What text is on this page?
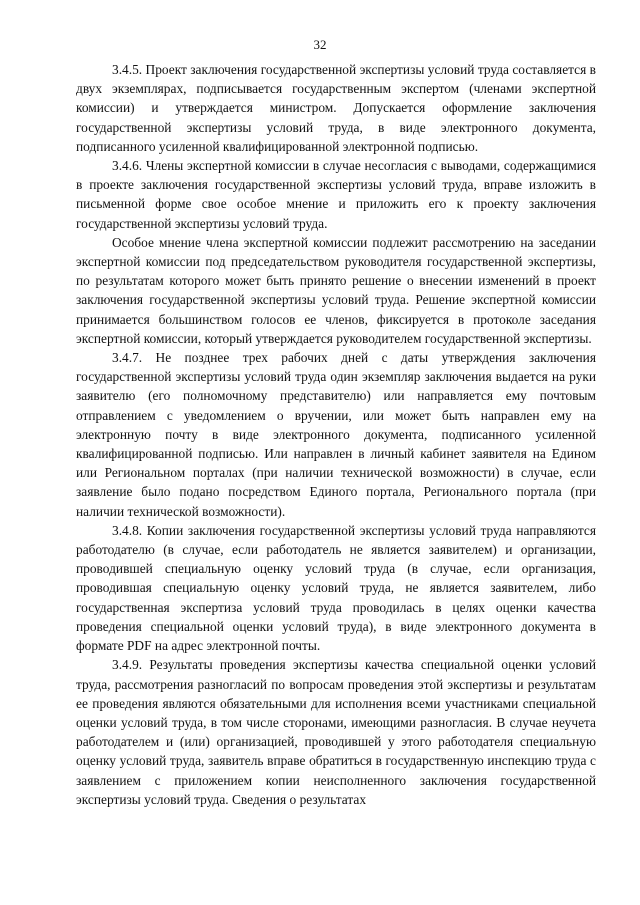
32

3.4.5. Проект заключения государственной экспертизы условий труда составляется в двух экземплярах, подписывается государственным экспертом (членами экспертной комиссии) и утверждается министром. Допускается оформление заключения государственной экспертизы условий труда, в виде электронного документа, подписанного усиленной квалифицированной электронной подписью.

3.4.6. Члены экспертной комиссии в случае несогласия с выводами, содержащимися в проекте заключения государственной экспертизы условий труда, вправе изложить в письменной форме свое особое мнение и приложить его к проекту заключения государственной экспертизы условий труда.

Особое мнение члена экспертной комиссии подлежит рассмотрению на заседании экспертной комиссии под председательством руководителя государственной экспертизы, по результатам которого может быть принято решение о внесении изменений в проект заключения государственной экспертизы условий труда. Решение экспертной комиссии принимается большинством голосов ее членов, фиксируется в протоколе заседания экспертной комиссии, который утверждается руководителем государственной экспертизы.

3.4.7. Не позднее трех рабочих дней с даты утверждения заключения государственной экспертизы условий труда один экземпляр заключения выдается на руки заявителю (его полномочному представителю) или направляется ему почтовым отправлением с уведомлением о вручении, или может быть направлен ему на электронную почту в виде электронного документа, подписанного усиленной квалифицированной подписью. Или направлен в личный кабинет заявителя на Едином или Региональном порталах (при наличии технической возможности) в случае, если заявление было подано посредством Единого портала, Регионального портала (при наличии технической возможности).

3.4.8. Копии заключения государственной экспертизы условий труда направляются работодателю (в случае, если работодатель не является заявителем) и организации, проводившей специальную оценку условий труда (в случае, если организация, проводившая специальную оценку условий труда, не является заявителем, либо государственная экспертиза условий труда проводилась в целях оценки качества проведения специальной оценки условий труда), в виде электронного документа в формате PDF на адрес электронной почты.

3.4.9. Результаты проведения экспертизы качества специальной оценки условий труда, рассмотрения разногласий по вопросам проведения этой экспертизы и результатам ее проведения являются обязательными для исполнения всеми участниками специальной оценки условий труда, в том числе сторонами, имеющими разногласия. В случае неучета работодателем и (или) организацией, проводившей у этого работодателя специальную оценку условий труда, заявитель вправе обратиться в государственную инспекцию труда с заявлением с приложением копии неисполненного заключения государственной экспертизы условий труда. Сведения о результатах
